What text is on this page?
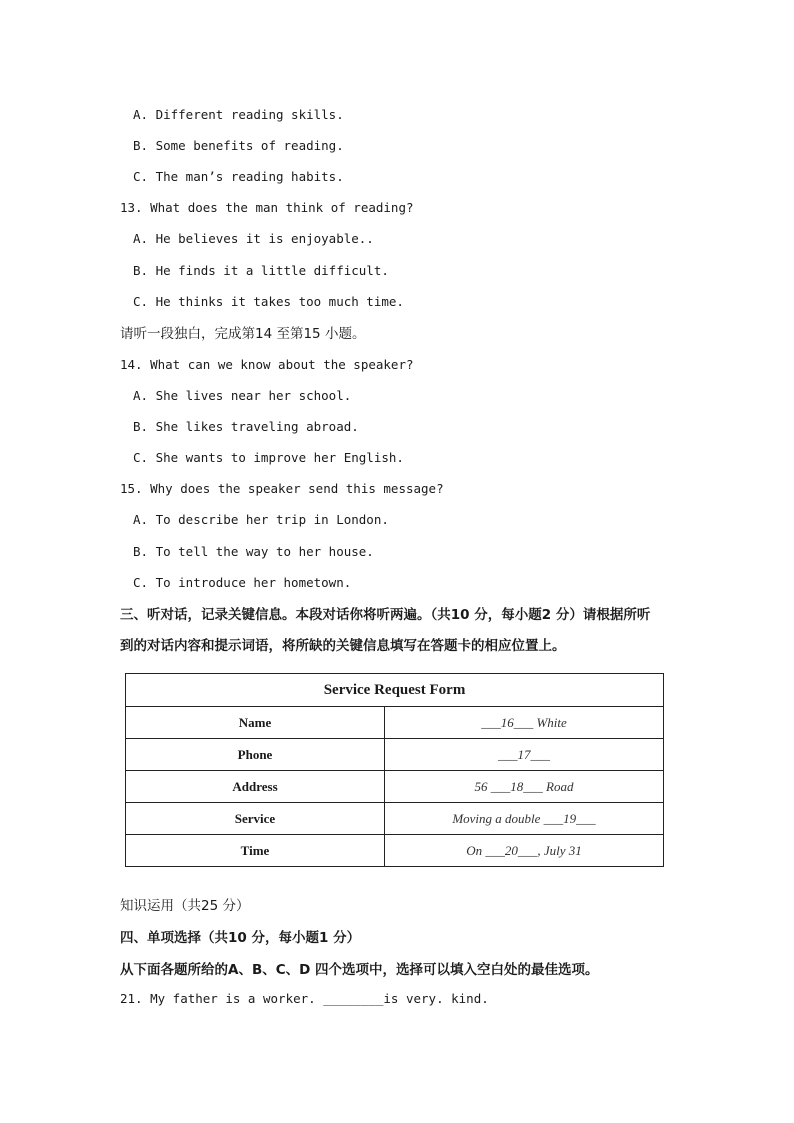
A. Different reading skills.
B. Some benefits of reading.
C. The man’s reading habits.
13. What does the man think of reading?
A. He believes it is enjoyable..
B. He finds it a little difficult.
C. He thinks it takes too much time.
请听一段独白，完成第14 至第15 小题。
14. What can we know about the speaker?
A. She lives near her school.
B. She likes traveling abroad.
C. She wants to improve her English.
15. Why does the speaker send this message?
A. To describe her trip in London.
B. To tell the way to her house.
C. To introduce her hometown.
三、听对话，记录关键信息。本段对话你将听两遍。（共10 分，每小题2 分）请根据所听
到的对话内容和提示词语，将所缺的关键信息填写在答题卡的相应位置上。
Service Request Form	
Name	___16___ White
Phone	___17___
Address	56 ___18___ Road
Service	Moving a double ___19___
Time	On ___20___, July 31
知识运用（共25 分）
四、单项选择（共10 分，每小题1 分）
从下面各题所给的A、B、C、D 四个选项中，选择可以填入空白处的最佳选项。
21. My father is a worker. ________is very. kind.
